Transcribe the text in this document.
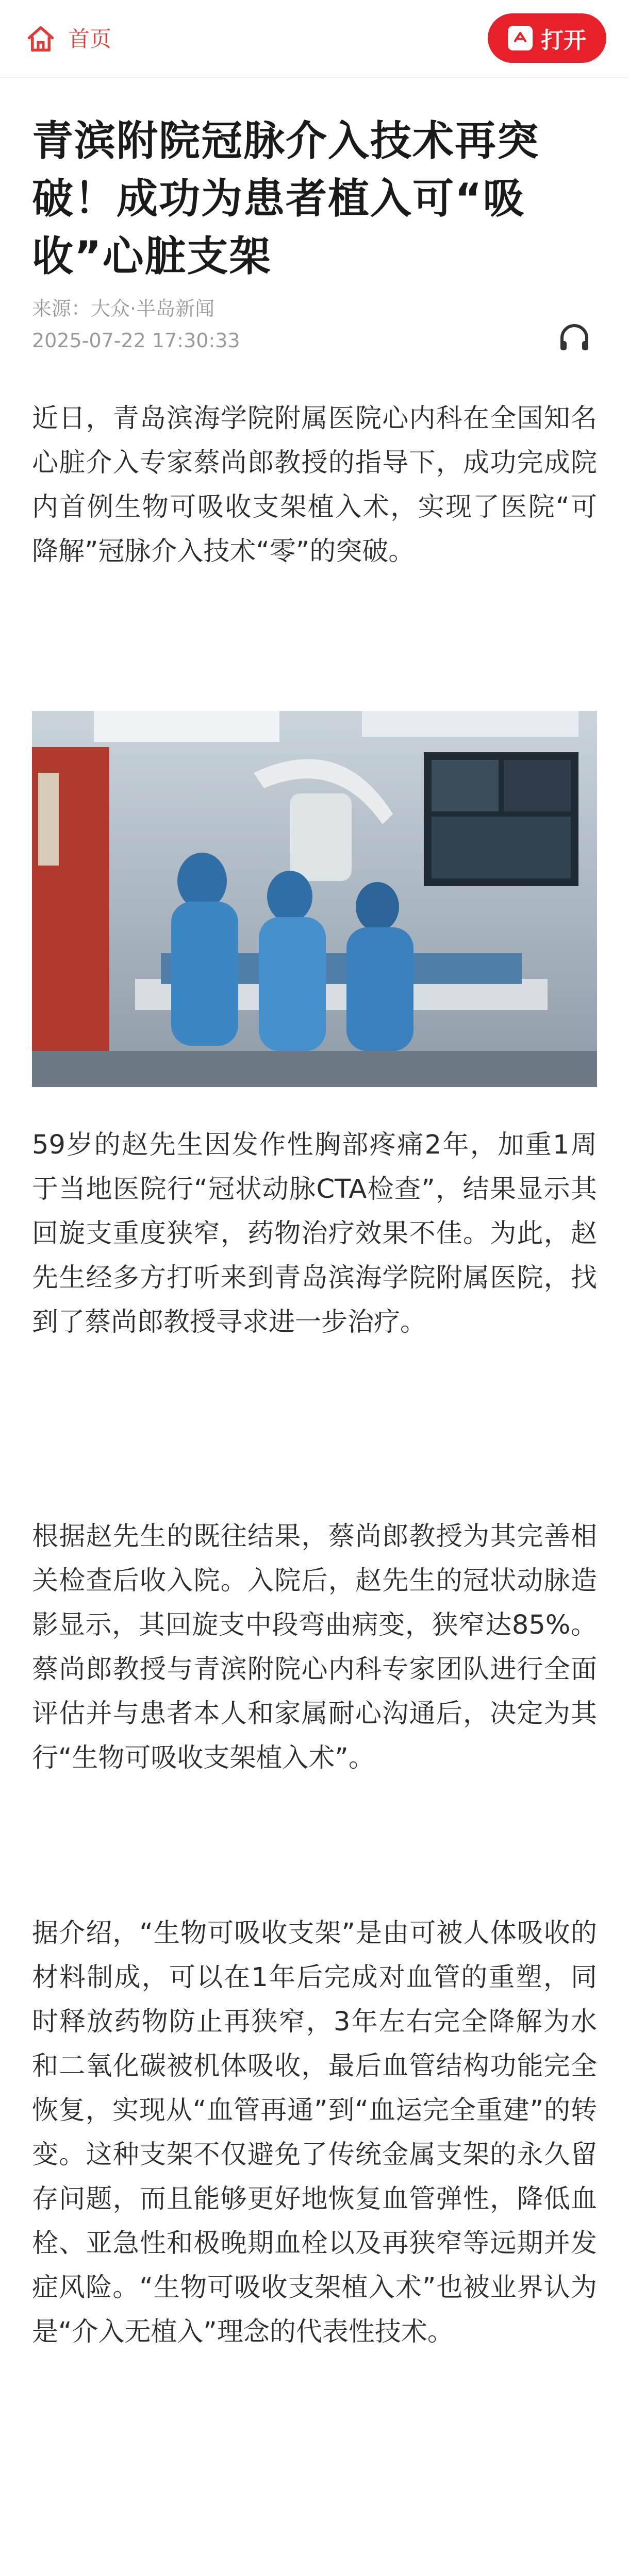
首页	打开
青滨附院冠脉介入技术再突破！成功为患者植入可“吸收”心脏支架
来源：大众·半岛新闻
2025-07-22 17:30:33

近日，青岛滨海学院附属医院心内科在全国知名心脏介入专家蔡尚郎教授的指导下，成功完成院内首例生物可吸收支架植入术，实现了医院“可降解”冠脉介入技术“零”的突破。

59岁的赵先生因发作性胸部疼痛2年，加重1周于当地医院行“冠状动脉CTA检查”，结果显示其回旋支重度狭窄，药物治疗效果不佳。为此，赵先生经多方打听来到青岛滨海学院附属医院，找到了蔡尚郎教授寻求进一步治疗。

根据赵先生的既往结果，蔡尚郎教授为其完善相关检查后收入院。入院后，赵先生的冠状动脉造影显示，其回旋支中段弯曲病变，狭窄达85%。蔡尚郎教授与青滨附院心内科专家团队进行全面评估并与患者本人和家属耐心沟通后，决定为其行“生物可吸收支架植入术”。

据介绍，“生物可吸收支架”是由可被人体吸收的材料制成，可以在1年后完成对血管的重塑，同时释放药物防止再狭窄，3年左右完全降解为水和二氧化碳被机体吸收，最后血管结构功能完全恢复，实现从“血管再通”到“血运完全重建”的转变。这种支架不仅避免了传统金属支架的永久留存问题，而且能够更好地恢复血管弹性，降低血栓、亚急性和极晚期血栓以及再狭窄等远期并发症风险。“生物可吸收支架植入术”也被业界认为是“介入无植入”理念的代表性技术。
